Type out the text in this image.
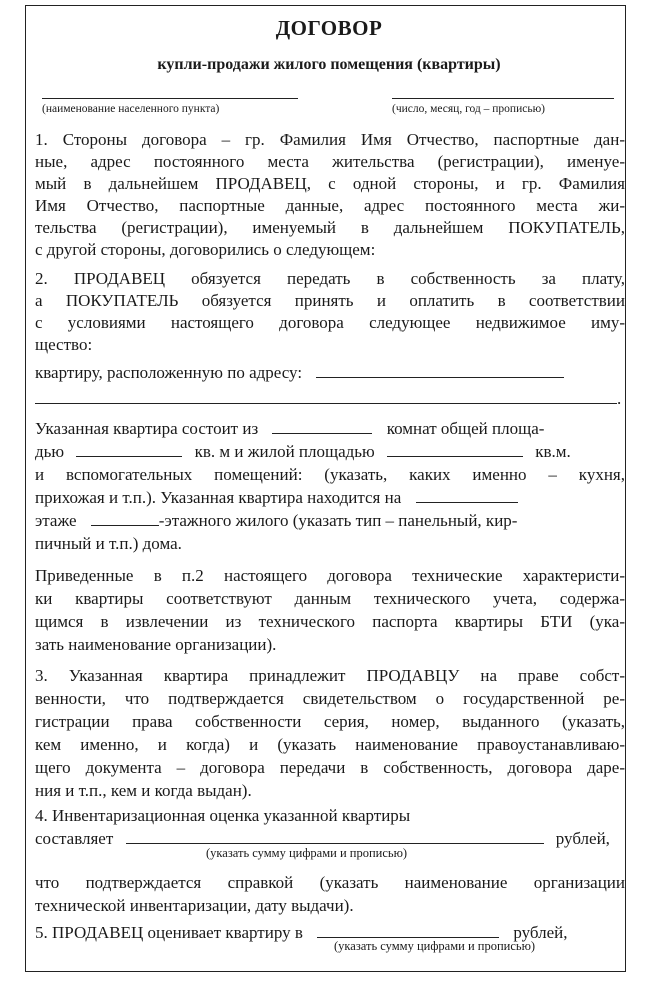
ДОГОВОР
купли-продажи жилого помещения (квартиры)
(наименование населенного пункта)	(число, месяц, год – прописью)
1. Стороны договора – гр. Фамилия Имя Отчество, паспортные дан-
ные, адрес постоянного места жительства (регистрации), именуе-
мый в дальнейшем ПРОДАВЕЦ, с одной стороны, и гр. Фамилия
Имя Отчество, паспортные данные, адрес постоянного места жи-
тельства (регистрации), именуемый в дальнейшем ПОКУПАТЕЛЬ,
с другой стороны, договорились о следующем:
2. ПРОДАВЕЦ обязуется передать в собственность за плату,
а ПОКУПАТЕЛЬ обязуется принять и оплатить в соответствии
с условиями настоящего договора следующее недвижимое иму-
щество:
квартиру, расположенную по адресу:
.
Указанная квартира состоит из	комнат общей площа-
дью	кв. м и жилой площадью	кв.м.
и вспомогательных помещений: (указать, каких именно – кухня,
прихожая и т.п.). Указанная квартира находится на
этаже	-этажного жилого (указать тип – панельный, кир-
пичный и т.п.) дома.
Приведенные в п.2 настоящего договора технические характеристи-
ки квартиры соответствуют данным технического учета, содержа-
щимся в извлечении из технического паспорта квартиры БТИ (ука-
зать наименование организации).
3. Указанная квартира принадлежит ПРОДАВЦУ на праве собст-
венности, что подтверждается свидетельством о государственной ре-
гистрации права собственности серия, номер, выданного (указать,
кем именно, и когда) и (указать наименование правоустанавливаю-
щего документа – договора передачи в собственность, договора даре-
ния и т.п., кем и когда выдан).
4. Инвентаризационная оценка указанной квартиры
составляет	рублей,
(указать сумму цифрами и прописью)
что подтверждается справкой (указать наименование организации
технической инвентаризации, дату выдачи).
5. ПРОДАВЕЦ оценивает квартиру в	рублей,
(указать сумму цифрами и прописью)
